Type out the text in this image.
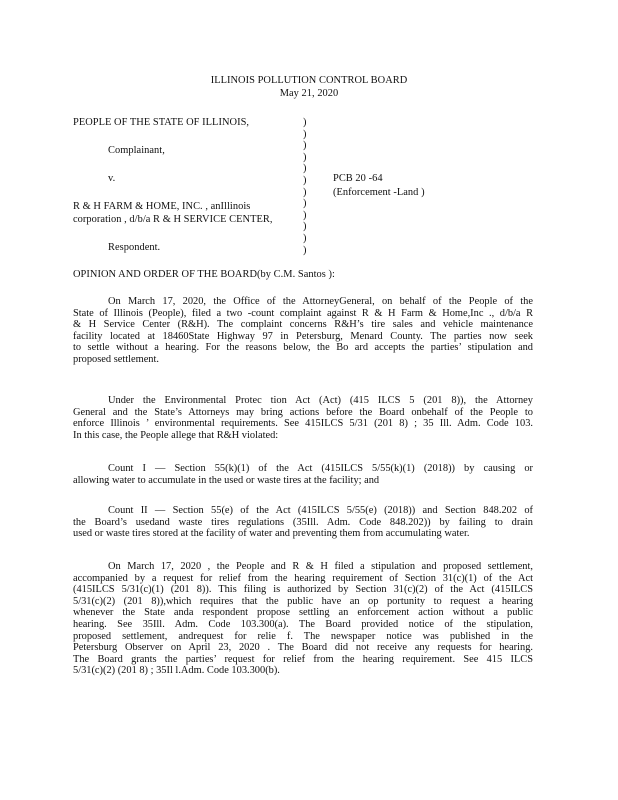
ILLINOIS POLLUTION CONTROL BOARD
May 21, 2020
PEOPLE OF THE STATE OF ILLINOIS,
Complainant,
v.
R & H FARM & HOME, INC. , anIllinois
corporation , d/b/a R & H SERVICE CENTER,
Respondent.
PCB 20 -64
(Enforcement -Land )
)
)
)
)
)
)
)
)
)
)
)
)
OPINION AND ORDER OF THE BOARD(by C.M. Santos ):
On March 17, 2020, the Office of the AttorneyGeneral, on behalf of the People of the
State of Illinois (People), filed a two -count complaint against R & H Farm & Home,Inc ., d/b/a R
& H Service Center (R&H). The complaint concerns R&H’s tire sales and vehicle maintenance
facility located at 18460State Highway 97 in Petersburg, Menard County. The parties now seek
to settle without a hearing. For the reasons below, the Bo ard accepts the parties’ stipulation and
proposed settlement.
Under the Environmental Protec tion Act (Act) (415 ILCS 5 (201 8)), the Attorney
General and the State’s Attorneys may bring actions before the Board onbehalf of the People to
enforce Illinois ’ environmental requirements. See 415ILCS 5/31 (201 8) ; 35 Ill. Adm. Code 103.
In this case, the People allege that R&H violated:
Count I — Section 55(k)(1) of the Act (415ILCS 5/55(k)(1) (2018)) by causing or
allowing water to accumulate in the used or waste tires at the facility; and
Count II — Section 55(e) of the Act (415ILCS 5/55(e) (2018)) and Section 848.202 of
the Board’s usedand waste tires regulations (35Ill. Adm. Code 848.202)) by failing to drain
used or waste tires stored at the facility of water and preventing them from accumulating water.
On March 17, 2020 , the People and R & H filed a stipulation and proposed settlement,
accompanied by a request for relief from the hearing requirement of Section 31(c)(1) of the Act
(415ILCS 5/31(c)(1) (201 8)). This filing is authorized by Section 31(c)(2) of the Act (415ILCS
5/31(c)(2) (201 8)),which requires that the public have an op portunity to request a hearing
whenever the State anda respondent propose settling an enforcement action without a public
hearing. See 35Ill. Adm. Code 103.300(a). The Board provided notice of the stipulation,
proposed settlement, andrequest for relie f. The newspaper notice was published in the
Petersburg Observer on April 23, 2020 . The Board did not receive any requests for hearing.
The Board grants the parties’ request for relief from the hearing requirement. See 415 ILCS
5/31(c)(2) (201 8) ; 35Il l.Adm. Code 103.300(b).
